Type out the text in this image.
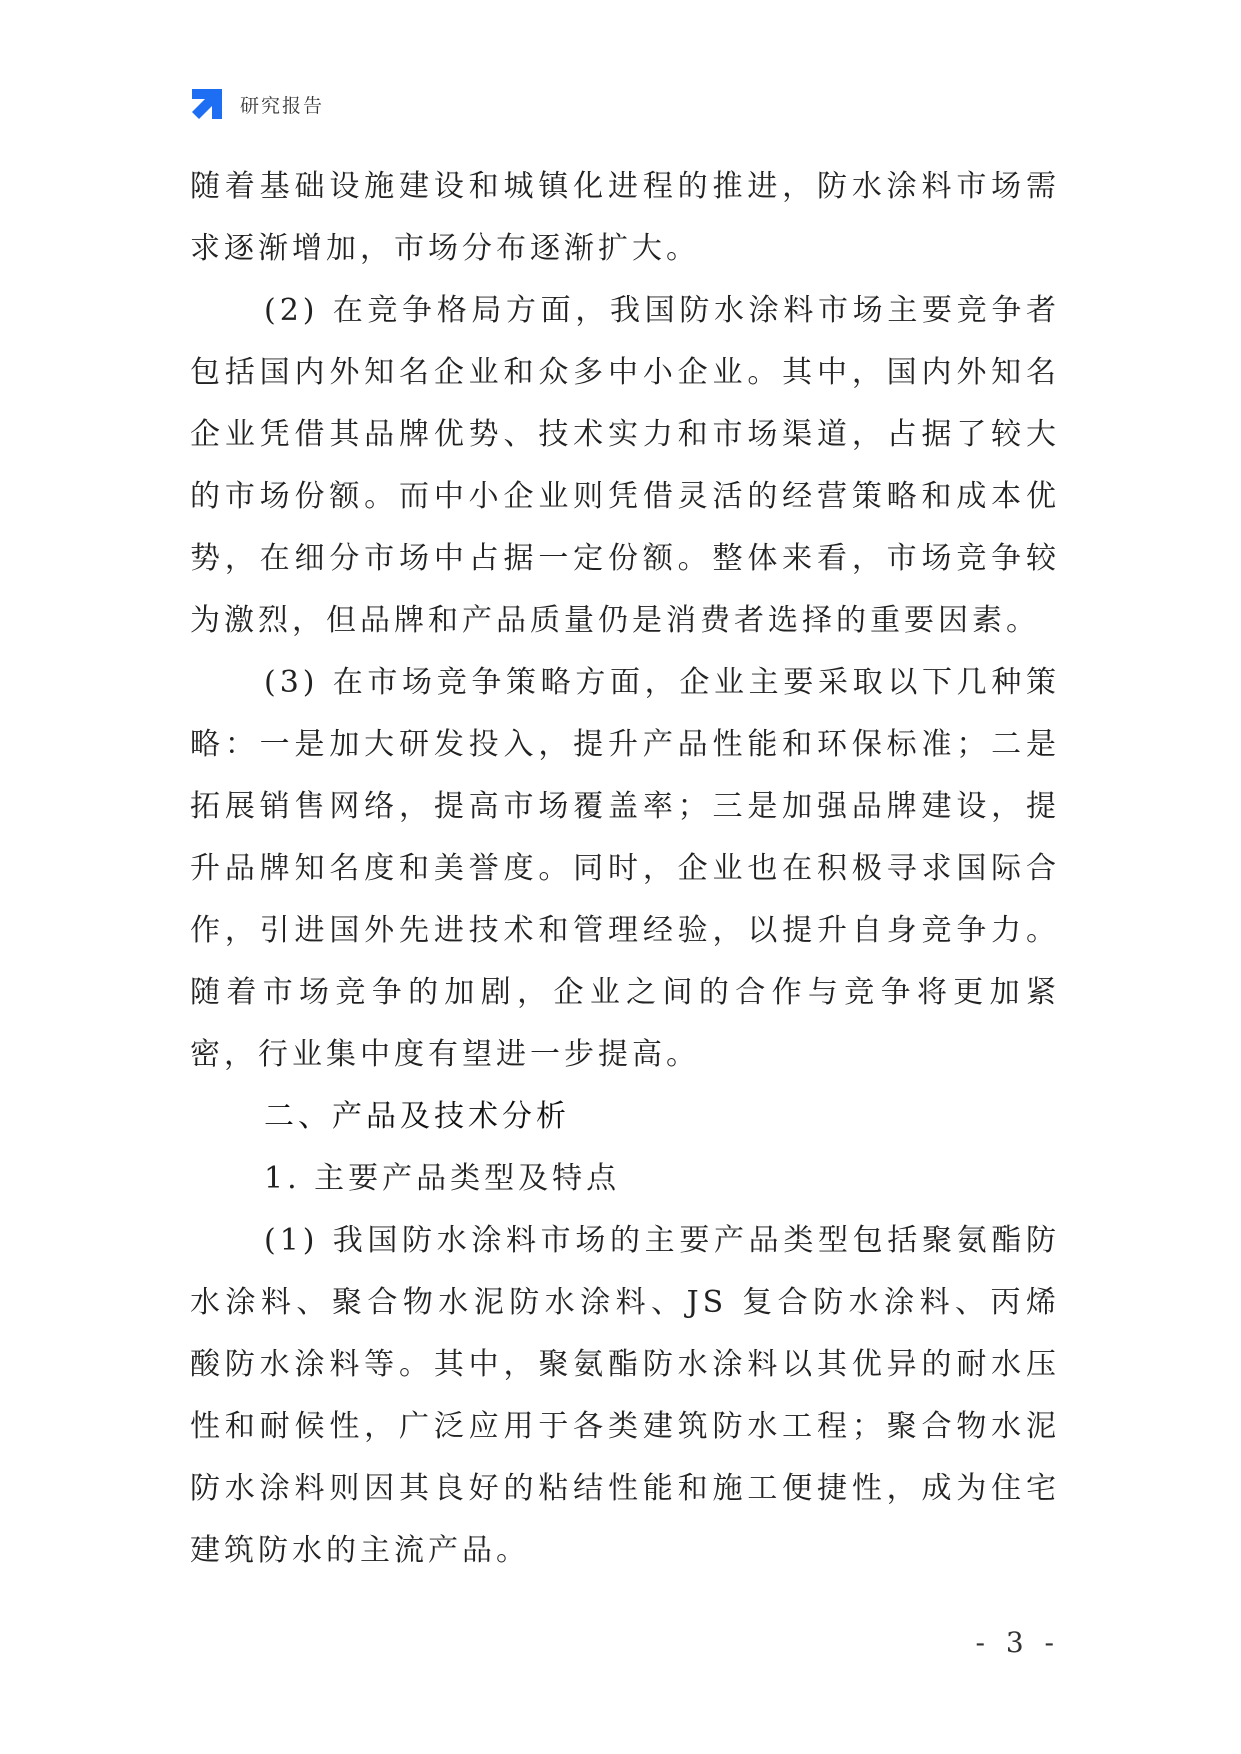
研究报告

随着基础设施建设和城镇化进程的推进，防水涂料市场需求逐渐增加，市场分布逐渐扩大。

(2) 在竞争格局方面，我国防水涂料市场主要竞争者包括国内外知名企业和众多中小企业。其中，国内外知名企业凭借其品牌优势、技术实力和市场渠道，占据了较大的市场份额。而中小企业则凭借灵活的经营策略和成本优势，在细分市场中占据一定份额。整体来看，市场竞争较为激烈，但品牌和产品质量仍是消费者选择的重要因素。

(3) 在市场竞争策略方面，企业主要采取以下几种策略：一是加大研发投入，提升产品性能和环保标准；二是拓展销售网络，提高市场覆盖率；三是加强品牌建设，提升品牌知名度和美誉度。同时，企业也在积极寻求国际合作，引进国外先进技术和管理经验，以提升自身竞争力。随着市场竞争的加剧，企业之间的合作与竞争将更加紧密，行业集中度有望进一步提高。

二、产品及技术分析
1. 主要产品类型及特点

(1) 我国防水涂料市场的主要产品类型包括聚氨酯防水涂料、聚合物水泥防水涂料、JS 复合防水涂料、丙烯酸防水涂料等。其中，聚氨酯防水涂料以其优异的耐水压性和耐候性，广泛应用于各类建筑防水工程；聚合物水泥防水涂料则因其良好的粘结性能和施工便捷性，成为住宅建筑防水的主流产品。

- 3 -
